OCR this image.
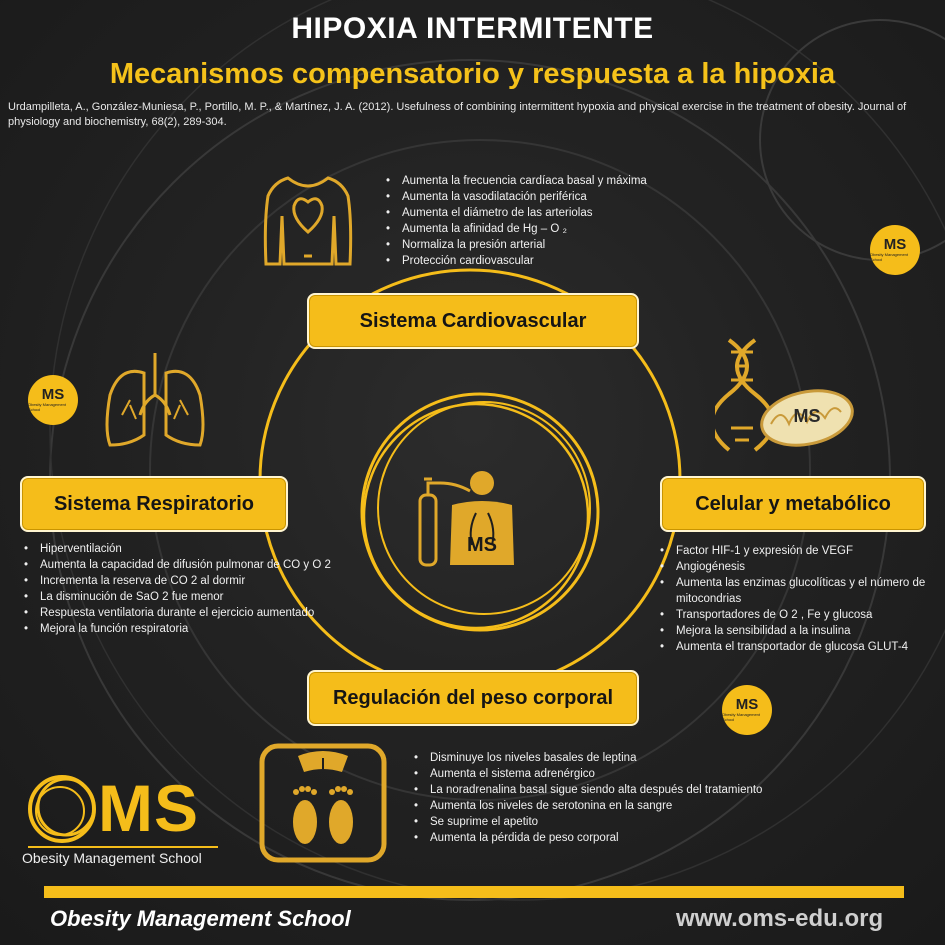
HIPOXIA INTERMITENTE
Mecanismos compensatorio y respuesta a la hipoxia
Urdampilleta, A., González-Muniesa, P., Portillo, M. P., & Martínez, J. A. (2012). Usefulness of combining intermittent hypoxia and physical exercise in the treatment of obesity. Journal of physiology and biochemistry, 68(2), 289-304.
• Aumenta la frecuencia cardíaca basal y máxima
• Aumenta la vasodilatación periférica
• Aumenta el diámetro de las arteriolas
• Aumenta la afinidad de Hg – O ₂
• Normaliza la presión arterial
• Protección cardiovascular
Sistema Cardiovascular
MS
Obesity Management School
MS
Obesity Management School
MS
Obesity Management School
MS
MS
Sistema Respiratorio
• Hiperventilación
• Aumenta la capacidad de difusión pulmonar de CO y O 2
• Incrementa la reserva de CO 2 al dormir
• La disminución de SaO 2 fue menor
• Respuesta ventilatoria durante el ejercicio aumentado
• Mejora la función respiratoria
Celular y metabólico
• Factor HIF-1 y expresión de VEGF
• Angiogénesis
• Aumenta las enzimas glucolíticas y el número de mitocondrias
• Transportadores de O 2 , Fe y glucosa
• Mejora la sensibilidad a la insulina
• Aumenta el transportador de glucosa GLUT-4
Regulación del peso corporal
• Disminuye los niveles basales de leptina
• Aumenta el sistema adrenérgico
• La noradrenalina basal sigue siendo alta después del tratamiento
• Aumenta los niveles de serotonina en la sangre
• Se suprime el apetito
• Aumenta la pérdida de peso corporal
MS
Obesity Management School
Obesity Management School	www.oms-edu.org
